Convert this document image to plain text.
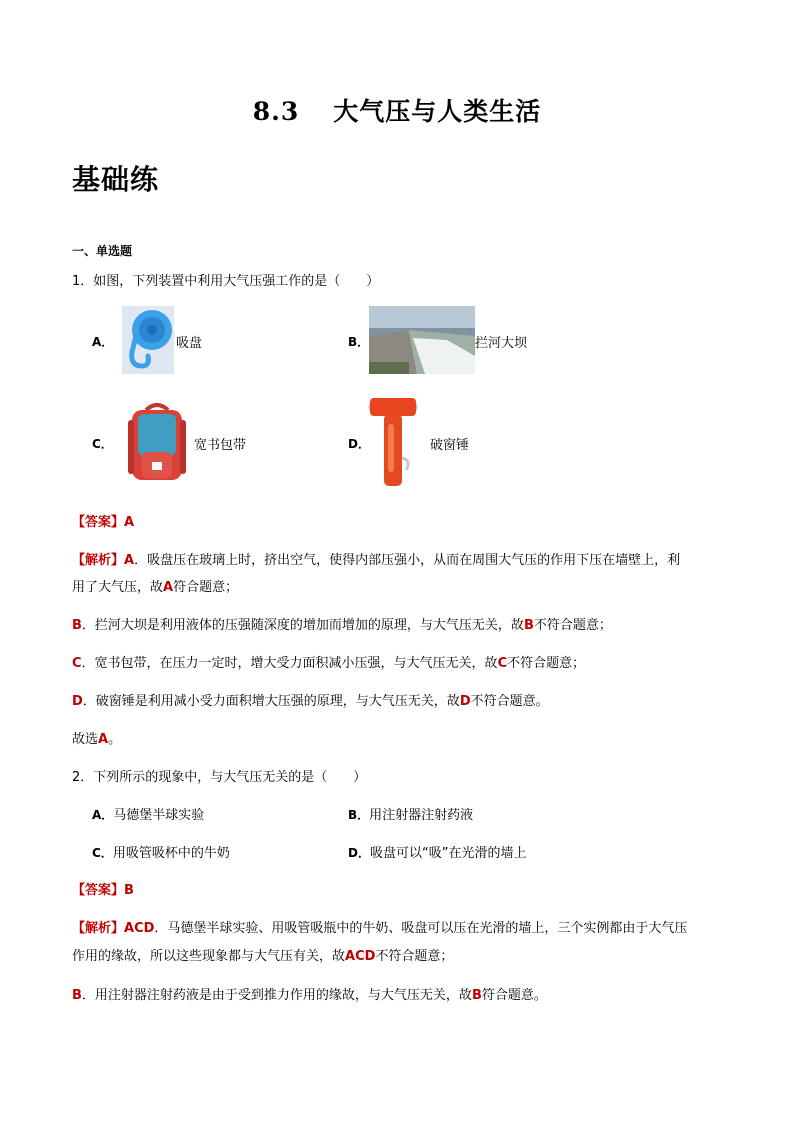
8.3 大气压与人类生活
基础练
一、单选题
1．如图，下列装置中利用大气压强工作的是（　　）
A．	吸盘	B．	拦河大坝
C．	宽书包带	D．	破窗锤
【答案】A
【解析】A．吸盘压在玻璃上时，挤出空气，使得内部压强小，从而在周围大气压的作用下压在墙壁上，利
用了大气压，故A符合题意；
B．拦河大坝是利用液体的压强随深度的增加而增加的原理，与大气压无关，故B不符合题意；
C．宽书包带，在压力一定时，增大受力面积减小压强，与大气压无关，故C不符合题意；
D．破窗锤是利用减小受力面积增大压强的原理，与大气压无关，故D不符合题意。
故选A。
2．下列所示的现象中，与大气压无关的是（　　）
A．马德堡半球实验	B．用注射器注射药液
C．用吸管吸杯中的牛奶	D．吸盘可以“吸”在光滑的墙上
【答案】B
【解析】ACD．马德堡半球实验、用吸管吸瓶中的牛奶、吸盘可以压在光滑的墙上，三个实例都由于大气压
作用的缘故，所以这些现象都与大气压有关，故ACD不符合题意；
B．用注射器注射药液是由于受到推力作用的缘故，与大气压无关，故B符合题意。
